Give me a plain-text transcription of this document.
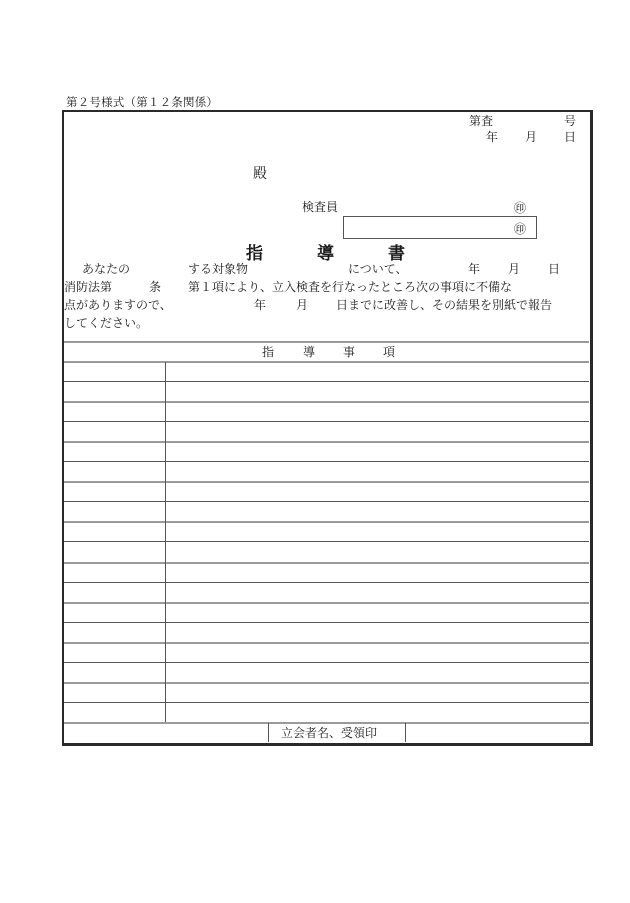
第２号様式（第１２条関係）
第査	号
年 月 日
殿
検査員	㊞
㊞
指	導	書
あなたの	する対象物	について、	年 月 日
消防法第	条 第１項により、立入検査を行なったところ次の事項に不備な
点がありますので、	年 月 日までに改善し、その結果を別紙で報告
してください。
指 導 事 項
立会者名、受領印
